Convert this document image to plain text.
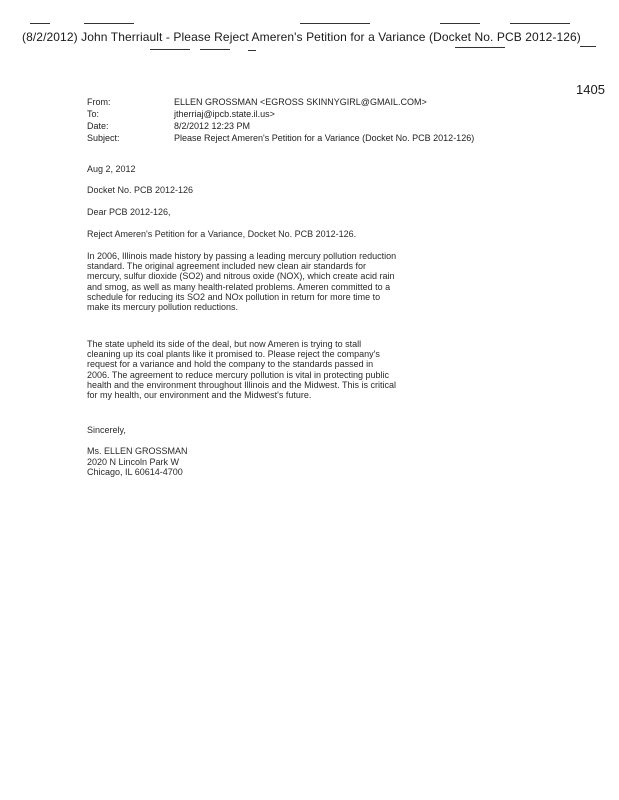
(8/2/2012) John Therriault - Please Reject Ameren's Petition for a Variance (Docket No. PCB 2012-126)
1405
From:	ELLEN GROSSMAN <EGROSS SKINNYGIRL@GMAIL.COM>
To:	jtherriaj@ipcb.state.il.us>
Date:	8/2/2012 12:23 PM
Subject:	Please Reject Ameren's Petition for a Variance (Docket No. PCB 2012-126)
Aug 2, 2012
Docket No. PCB 2012-126
Dear PCB 2012-126,
Reject Ameren's Petition for a Variance, Docket No. PCB 2012-126.

In 2006, Illinois made history by passing a leading mercury pollution reduction standard. The original agreement included new clean air standards for mercury, sulfur dioxide (SO2) and nitrous oxide (NOX), which create acid rain and smog, as well as many health-related problems. Ameren committed to a schedule for reducing its SO2 and NOx pollution in return for more time to make its mercury pollution reductions.

The state upheld its side of the deal, but now Ameren is trying to stall cleaning up its coal plants like it promised to. Please reject the company's request for a variance and hold the company to the standards passed in 2006. The agreement to reduce mercury pollution is vital in protecting public health and the environment throughout Illinois and the Midwest. This is critical for my health, our environment and the Midwest's future.

Sincerely,
Ms. ELLEN GROSSMAN
2020 N Lincoln Park W
Chicago, IL 60614-4700
